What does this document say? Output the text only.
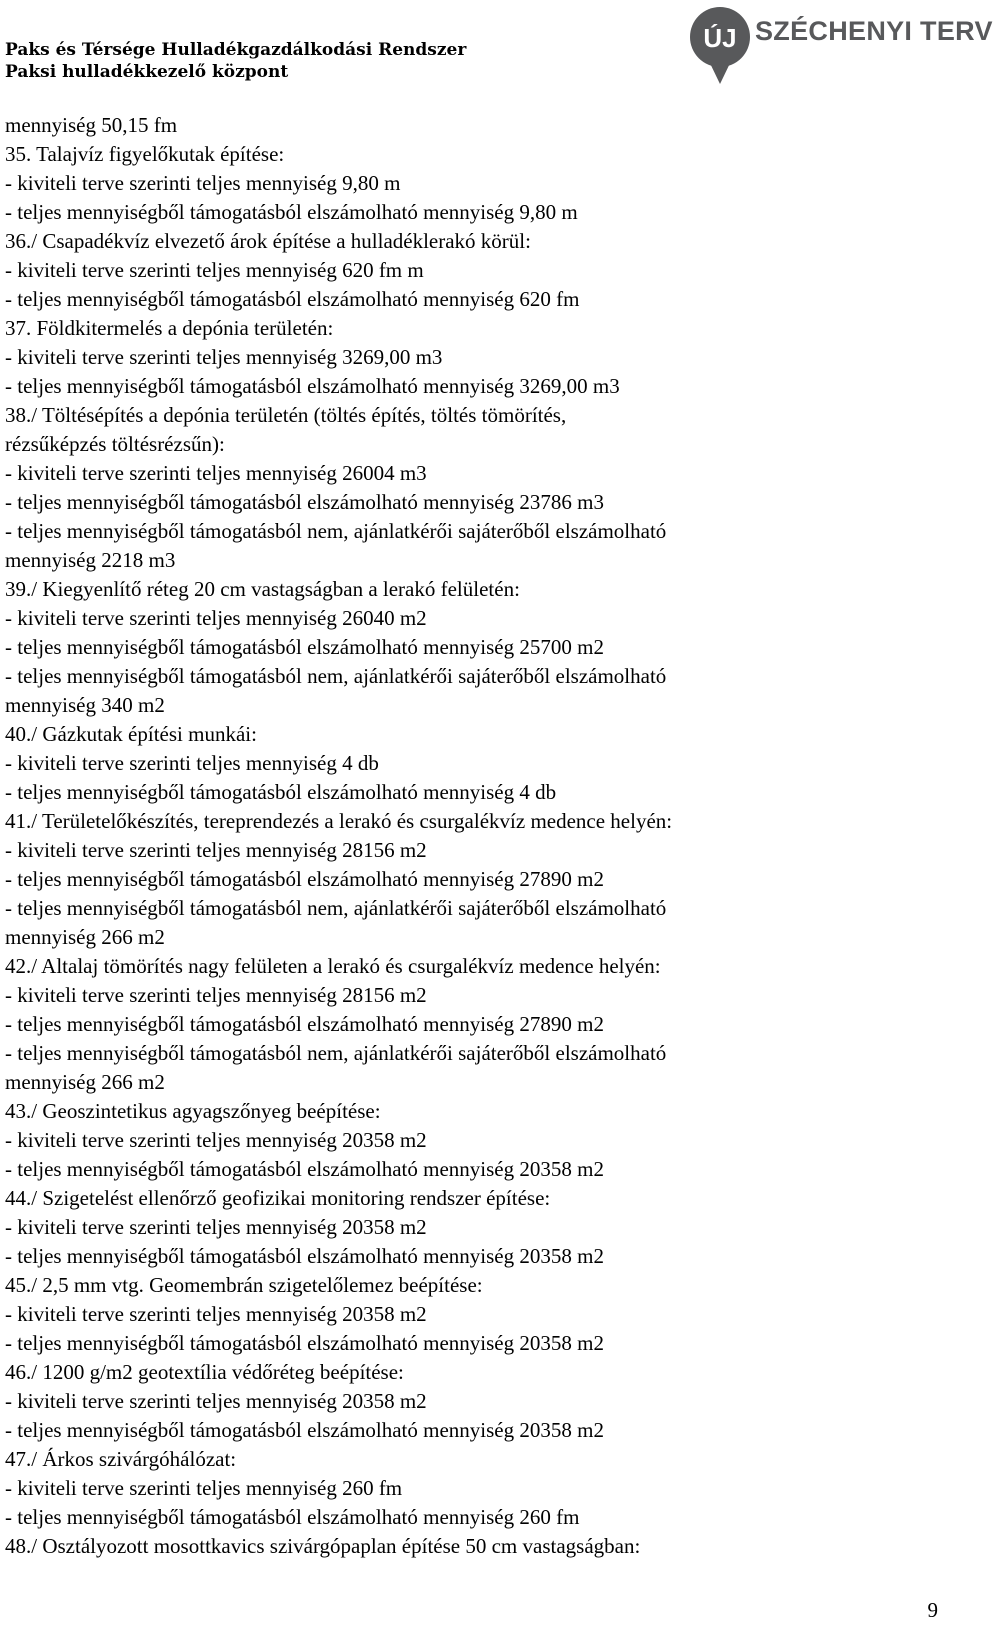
Paks és Térsége Hulladékgazdálkodási Rendszer
Paksi hulladékkezelő központ
ÚJ SZÉCHENYI TERV
mennyiség 50,15 fm
35. Talajvíz figyelőkutak építése:
- kiviteli terve szerinti teljes mennyiség 9,80 m
- teljes mennyiségből támogatásból elszámolható mennyiség 9,80 m
36./ Csapadékvíz elvezető árok építése a hulladéklerakó körül:
- kiviteli terve szerinti teljes mennyiség 620 fm m
- teljes mennyiségből támogatásból elszámolható mennyiség 620 fm
37. Földkitermelés a depónia területén:
- kiviteli terve szerinti teljes mennyiség 3269,00 m3
- teljes mennyiségből támogatásból elszámolható mennyiség 3269,00 m3
38./ Töltésépítés a depónia területén (töltés építés, töltés tömörítés,
rézsűképzés töltésrézsűn):
- kiviteli terve szerinti teljes mennyiség 26004 m3
- teljes mennyiségből támogatásból elszámolható mennyiség 23786 m3
- teljes mennyiségből támogatásból nem, ajánlatkérői sajáterőből elszámolható
mennyiség 2218 m3
39./ Kiegyenlítő réteg 20 cm vastagságban a lerakó felületén:
- kiviteli terve szerinti teljes mennyiség 26040 m2
- teljes mennyiségből támogatásból elszámolható mennyiség 25700 m2
- teljes mennyiségből támogatásból nem, ajánlatkérői sajáterőből elszámolható
mennyiség 340 m2
40./ Gázkutak építési munkái:
- kiviteli terve szerinti teljes mennyiség 4 db
- teljes mennyiségből támogatásból elszámolható mennyiség 4 db
41./ Területelőkészítés, tereprendezés a lerakó és csurgalékvíz medence helyén:
- kiviteli terve szerinti teljes mennyiség 28156 m2
- teljes mennyiségből támogatásból elszámolható mennyiség 27890 m2
- teljes mennyiségből támogatásból nem, ajánlatkérői sajáterőből elszámolható
mennyiség 266 m2
42./ Altalaj tömörítés nagy felületen a lerakó és csurgalékvíz medence helyén:
- kiviteli terve szerinti teljes mennyiség 28156 m2
- teljes mennyiségből támogatásból elszámolható mennyiség 27890 m2
- teljes mennyiségből támogatásból nem, ajánlatkérői sajáterőből elszámolható
mennyiség 266 m2
43./ Geoszintetikus agyagszőnyeg beépítése:
- kiviteli terve szerinti teljes mennyiség 20358 m2
- teljes mennyiségből támogatásból elszámolható mennyiség 20358 m2
44./ Szigetelést ellenőrző geofizikai monitoring rendszer építése:
- kiviteli terve szerinti teljes mennyiség 20358 m2
- teljes mennyiségből támogatásból elszámolható mennyiség 20358 m2
45./ 2,5 mm vtg. Geomembrán szigetelőlemez beépítése:
- kiviteli terve szerinti teljes mennyiség 20358 m2
- teljes mennyiségből támogatásból elszámolható mennyiség 20358 m2
46./ 1200 g/m2 geotextília védőréteg beépítése:
- kiviteli terve szerinti teljes mennyiség 20358 m2
- teljes mennyiségből támogatásból elszámolható mennyiség 20358 m2
47./ Árkos szivárgóhálózat:
- kiviteli terve szerinti teljes mennyiség 260 fm
- teljes mennyiségből támogatásból elszámolható mennyiség 260 fm
48./ Osztályozott mosottkavics szivárgópaplan építése 50 cm vastagságban:
9
